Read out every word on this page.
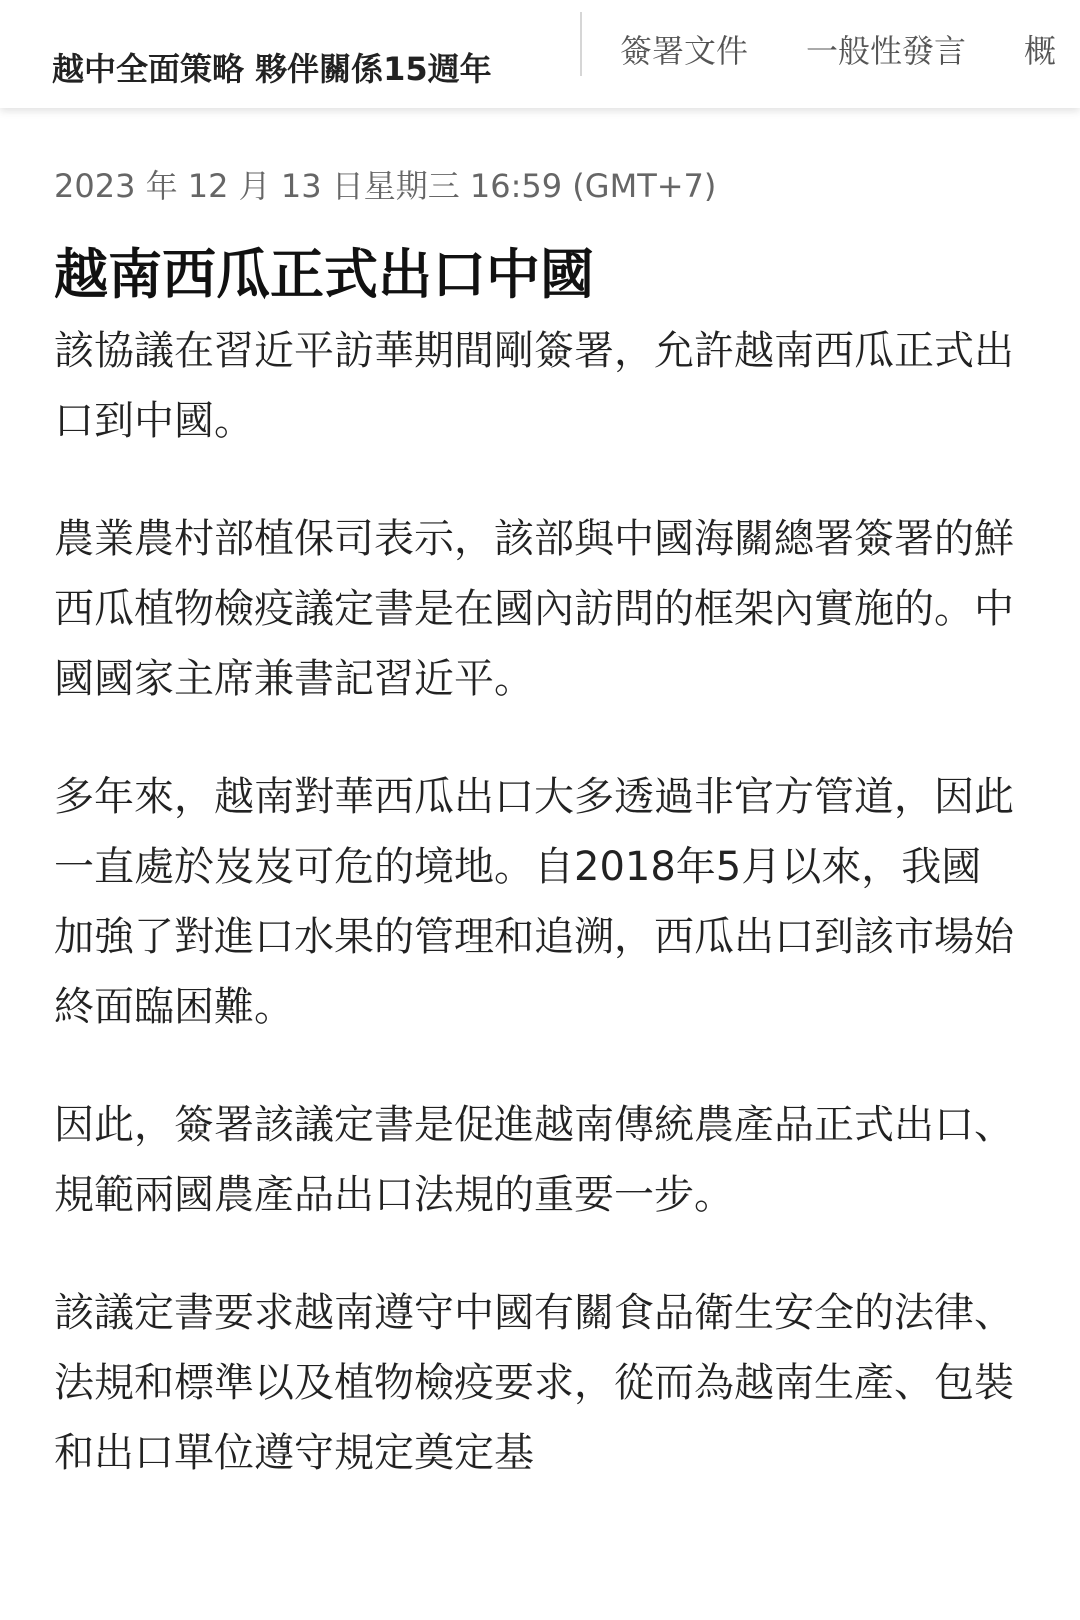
越中全面策略 夥伴關係15週年	簽署文件 一般性發言 概
2023 年 12 月 13 日星期三 16:59 (GMT+7)
越南西瓜正式出口中國
該協議在習近平訪華期間剛簽署，允許越南西瓜正式出口到中國。
農業農村部植保司表示，該部與中國海關總署簽署的鮮西瓜植物檢疫議定書是在國內訪問的框架內實施的。中國國家主席兼書記習近平。
多年來，越南對華西瓜出口大多透過非官方管道，因此一直處於岌岌可危的境地。自2018年5月以來，我國加強了對進口水果的管理和追溯，西瓜出口到該市場始終面臨困難。
因此，簽署該議定書是促進越南傳統農產品正式出口、規範兩國農產品出口法規的重要一步。
該議定書要求越南遵守中國有關食品衛生安全的法律、法規和標準以及植物檢疫要求，從而為越南生產、包裝和出口單位遵守規定奠定基
